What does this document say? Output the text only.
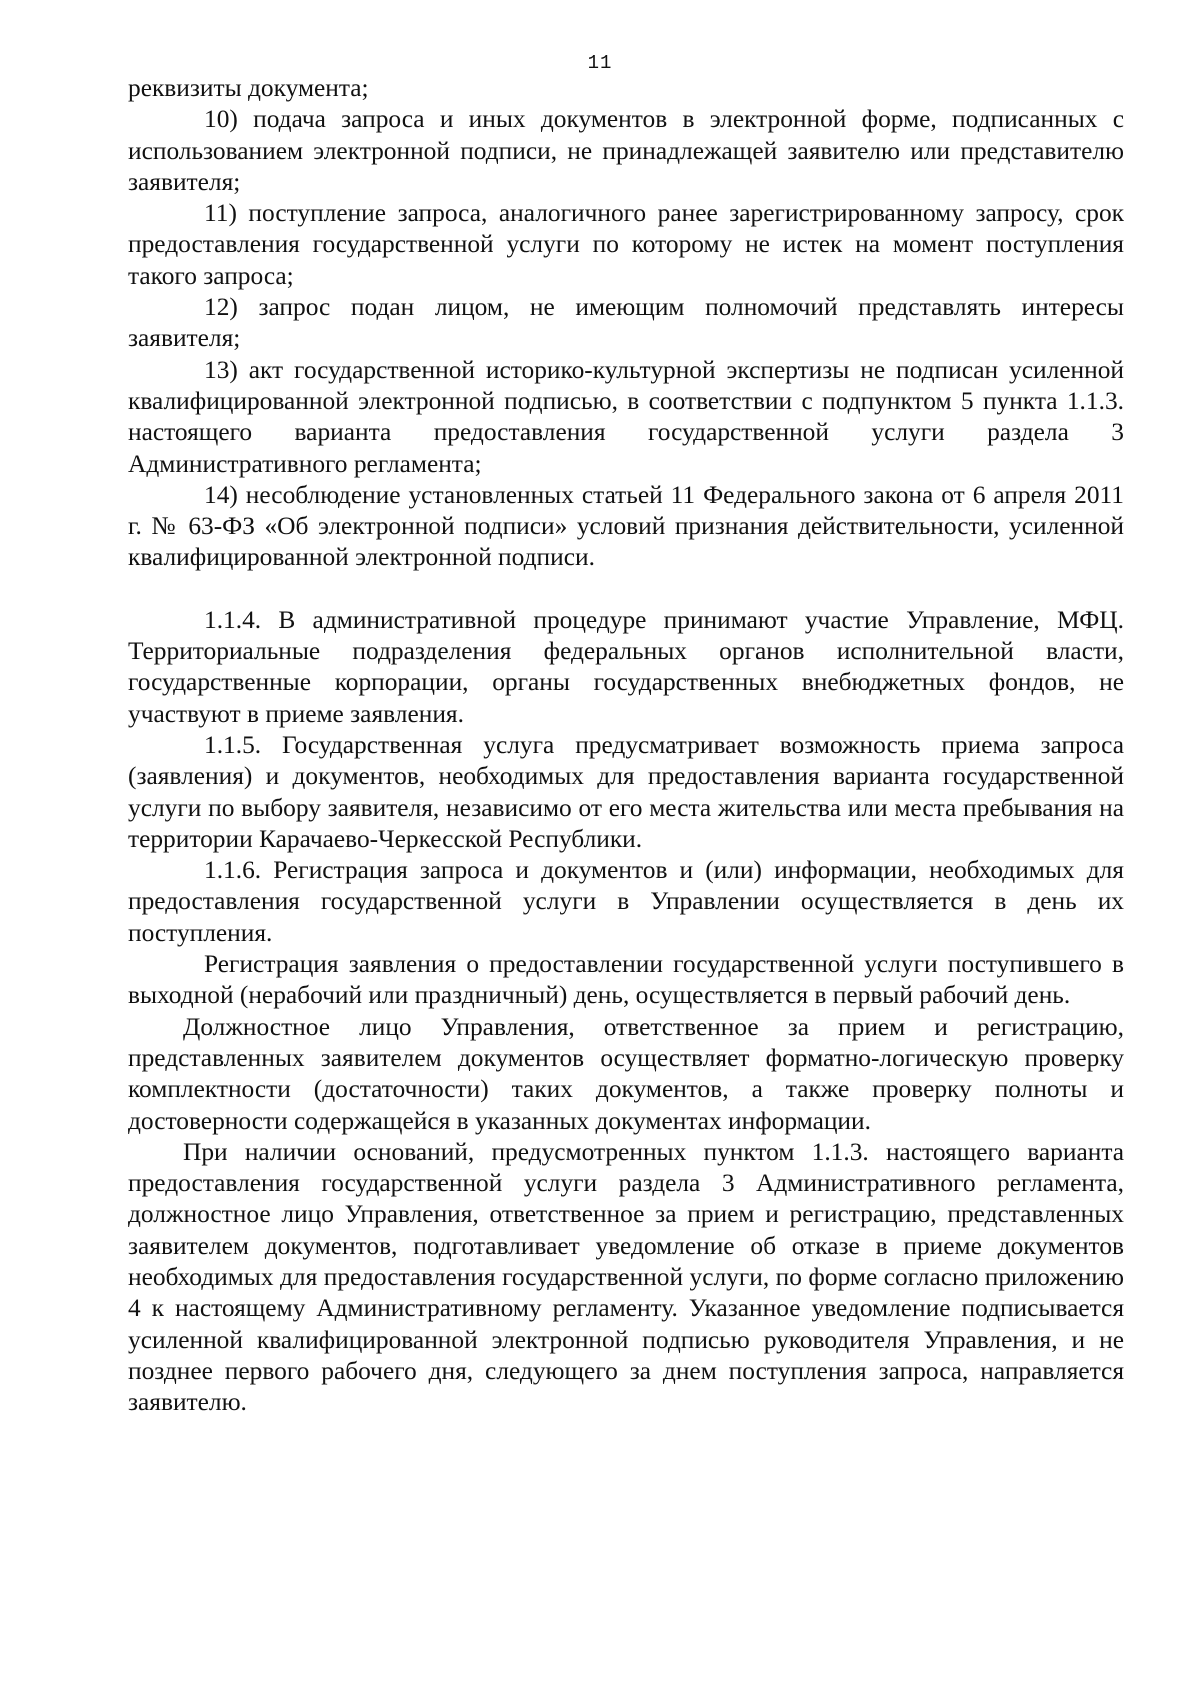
11

реквизиты документа;

10) подача запроса и иных документов в электронной форме, подписанных с использованием электронной подписи, не принадлежащей заявителю или представителю заявителя;

11) поступление запроса, аналогичного ранее зарегистрированному запросу, срок предоставления государственной услуги по которому не истек на момент поступления такого запроса;

12) запрос подан лицом, не имеющим полномочий представлять интересы заявителя;

13) акт государственной историко-культурной экспертизы не подписан усиленной квалифицированной электронной подписью, в соответствии с подпунктом 5 пункта 1.1.3. настоящего варианта предоставления государственной услуги раздела 3 Административного регламента;

14) несоблюдение установленных статьей 11 Федерального закона от 6 апреля 2011 г. № 63-ФЗ «Об электронной подписи» условий признания действительности, усиленной квалифицированной электронной подписи.

1.1.4. В административной процедуре принимают участие Управление, МФЦ. Территориальные подразделения федеральных органов исполнительной власти, государственные корпорации, органы государственных внебюджетных фондов, не участвуют в приеме заявления.

1.1.5. Государственная услуга предусматривает возможность приема запроса (заявления) и документов, необходимых для предоставления варианта государственной услуги по выбору заявителя, независимо от его места жительства или места пребывания на территории Карачаево-Черкесской Республики.

1.1.6. Регистрация запроса и документов и (или) информации, необходимых для предоставления государственной услуги в Управлении осуществляется в день их поступления.

Регистрация заявления о предоставлении государственной услуги поступившего в выходной (нерабочий или праздничный) день, осуществляется в первый рабочий день.

Должностное лицо Управления, ответственное за прием и регистрацию, представленных заявителем документов осуществляет форматно-логическую проверку комплектности (достаточности) таких документов, а также проверку полноты и достоверности содержащейся в указанных документах информации.

При наличии оснований, предусмотренных пунктом 1.1.3. настоящего варианта предоставления государственной услуги раздела 3 Административного регламента, должностное лицо Управления, ответственное за прием и регистрацию, представленных заявителем документов, подготавливает уведомление об отказе в приеме документов необходимых для предоставления государственной услуги, по форме согласно приложению 4 к настоящему Административному регламенту. Указанное уведомление подписывается усиленной квалифицированной электронной подписью руководителя Управления, и не позднее первого рабочего дня, следующего за днем поступления запроса, направляется заявителю.
